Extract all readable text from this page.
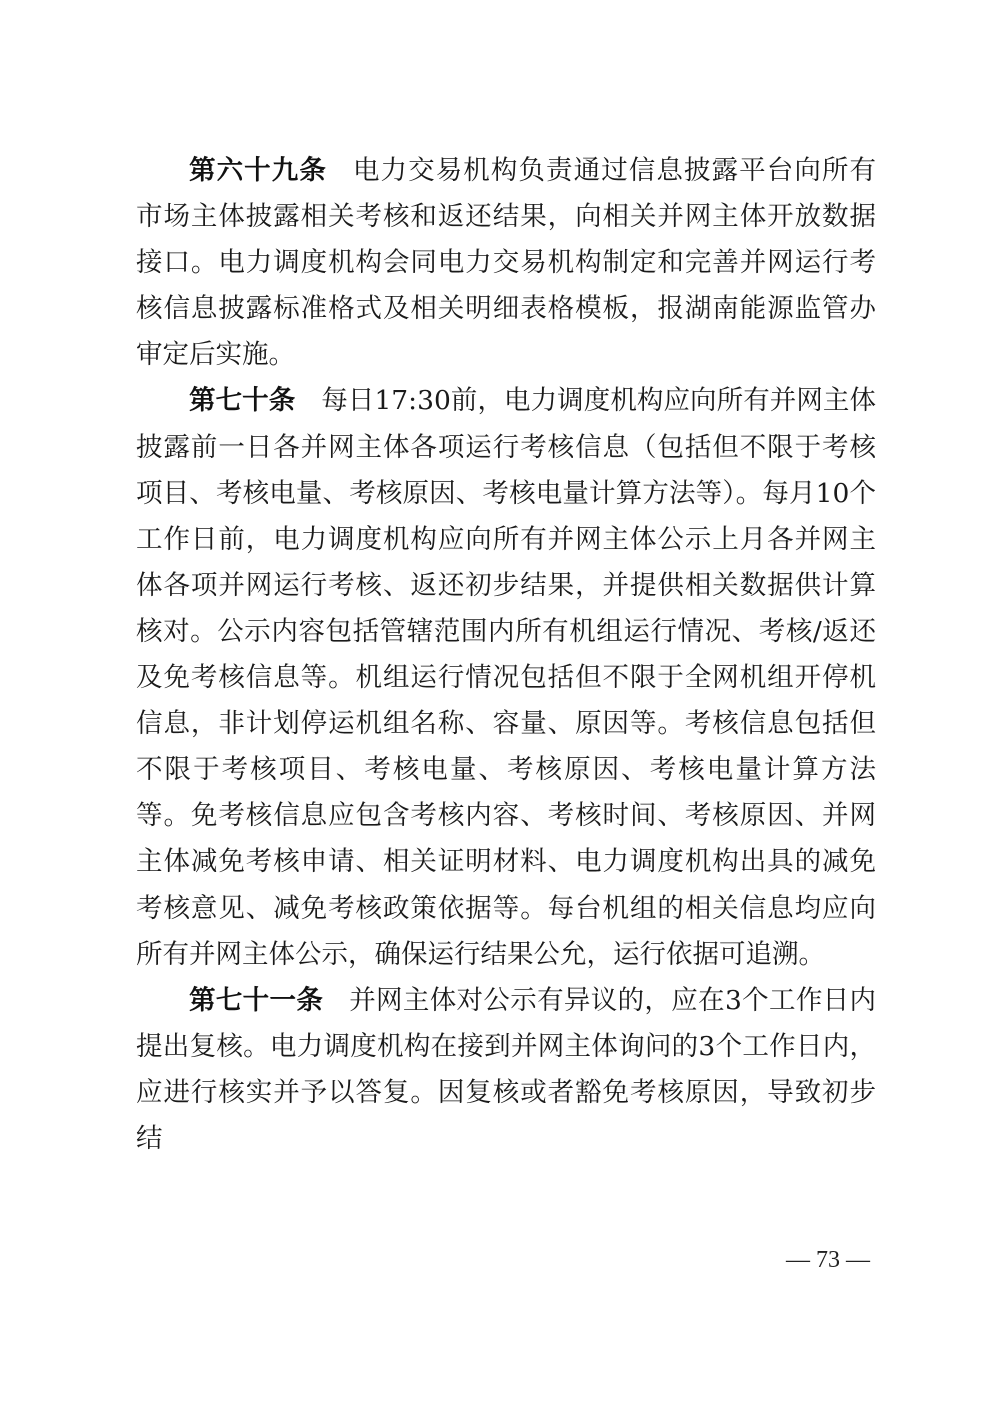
第六十九条 电力交易机构负责通过信息披露平台向所有市场主体披露相关考核和返还结果，向相关并网主体开放数据接口。电力调度机构会同电力交易机构制定和完善并网运行考核信息披露标准格式及相关明细表格模板，报湖南能源监管办审定后实施。

第七十条 每日17:30前，电力调度机构应向所有并网主体披露前一日各并网主体各项运行考核信息（包括但不限于考核项目、考核电量、考核原因、考核电量计算方法等）。每月10个工作日前，电力调度机构应向所有并网主体公示上月各并网主体各项并网运行考核、返还初步结果，并提供相关数据供计算核对。公示内容包括管辖范围内所有机组运行情况、考核/返还及免考核信息等。机组运行情况包括但不限于全网机组开停机信息，非计划停运机组名称、容量、原因等。考核信息包括但不限于考核项目、考核电量、考核原因、考核电量计算方法等。免考核信息应包含考核内容、考核时间、考核原因、并网主体减免考核申请、相关证明材料、电力调度机构出具的减免考核意见、减免考核政策依据等。每台机组的相关信息均应向所有并网主体公示，确保运行结果公允，运行依据可追溯。

第七十一条 并网主体对公示有异议的，应在3个工作日内提出复核。电力调度机构在接到并网主体询问的3个工作日内，应进行核实并予以答复。因复核或者豁免考核原因，导致初步结

— 73 —
